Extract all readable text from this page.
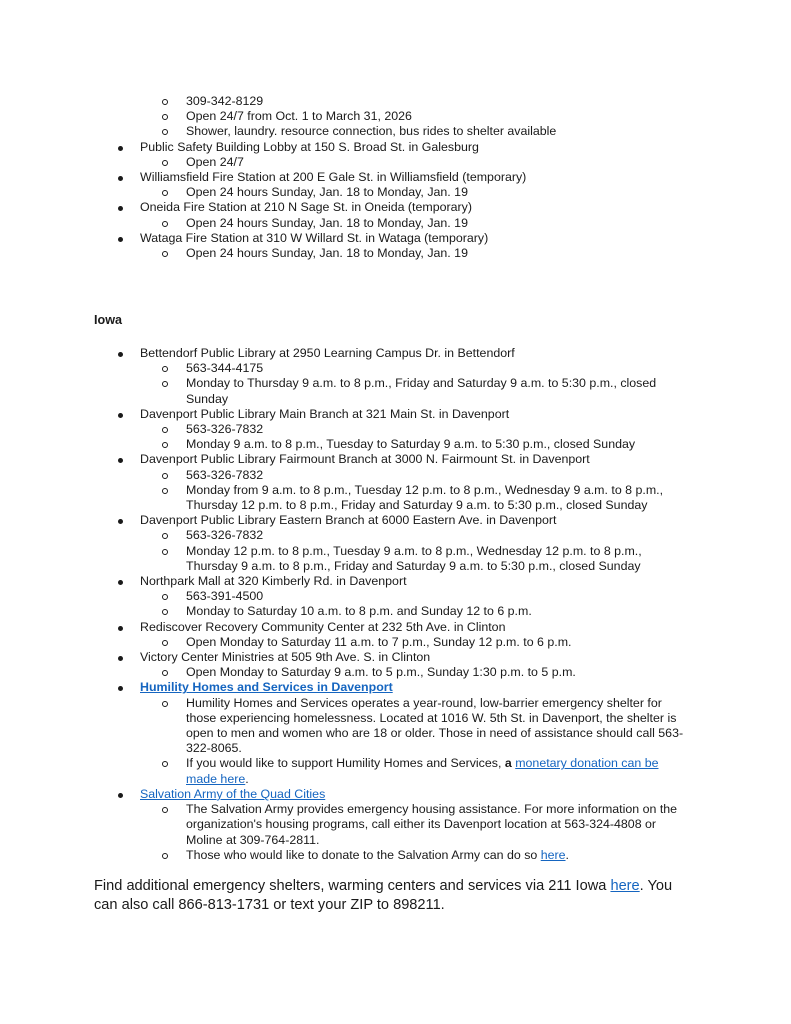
309-342-8129
Open 24/7 from Oct. 1 to March 31, 2026
Shower, laundry. resource connection, bus rides to shelter available
Public Safety Building Lobby at 150 S. Broad St. in Galesburg
Open 24/7
Williamsfield Fire Station at 200 E Gale St. in Williamsfield (temporary)
Open 24 hours Sunday, Jan. 18 to Monday, Jan. 19
Oneida Fire Station at 210 N Sage St. in Oneida (temporary)
Open 24 hours Sunday, Jan. 18 to Monday, Jan. 19
Wataga Fire Station at 310 W Willard St. in Wataga (temporary)
Open 24 hours Sunday, Jan. 18 to Monday, Jan. 19
Iowa
Bettendorf Public Library at 2950 Learning Campus Dr. in Bettendorf
563-344-4175
Monday to Thursday 9 a.m. to 8 p.m., Friday and Saturday 9 a.m. to 5:30 p.m., closed Sunday
Davenport Public Library Main Branch at 321 Main St. in Davenport
563-326-7832
Monday 9 a.m. to 8 p.m., Tuesday to Saturday 9 a.m. to 5:30 p.m., closed Sunday
Davenport Public Library Fairmount Branch at 3000 N. Fairmount St. in Davenport
563-326-7832
Monday from 9 a.m. to 8 p.m., Tuesday 12 p.m. to 8 p.m., Wednesday 9 a.m. to 8 p.m., Thursday 12 p.m. to 8 p.m., Friday and Saturday 9 a.m. to 5:30 p.m., closed Sunday
Davenport Public Library Eastern Branch at 6000 Eastern Ave. in Davenport
563-326-7832
Monday 12 p.m. to 8 p.m., Tuesday 9 a.m. to 8 p.m., Wednesday 12 p.m. to 8 p.m., Thursday 9 a.m. to 8 p.m., Friday and Saturday 9 a.m. to 5:30 p.m., closed Sunday
Northpark Mall at 320 Kimberly Rd. in Davenport
563-391-4500
Monday to Saturday 10 a.m. to 8 p.m. and Sunday 12 to 6 p.m.
Rediscover Recovery Community Center at 232 5th Ave. in Clinton
Open Monday to Saturday 11 a.m. to 7 p.m., Sunday 12 p.m. to 6 p.m.
Victory Center Ministries at 505 9th Ave. S. in Clinton
Open Monday to Saturday 9 a.m. to 5 p.m., Sunday 1:30 p.m. to 5 p.m.
Humility Homes and Services in Davenport
Humility Homes and Services operates a year-round, low-barrier emergency shelter for those experiencing homelessness. Located at 1016 W. 5th St. in Davenport, the shelter is open to men and women who are 18 or older. Those in need of assistance should call 563-322-8065.
If you would like to support Humility Homes and Services, a monetary donation can be made here.
Salvation Army of the Quad Cities
The Salvation Army provides emergency housing assistance. For more information on the organization's housing programs, call either its Davenport location at 563-324-4808 or Moline at 309-764-2811.
Those who would like to donate to the Salvation Army can do so here.
Find additional emergency shelters, warming centers and services via 211 Iowa here. You can also call 866-813-1731 or text your ZIP to 898211.
